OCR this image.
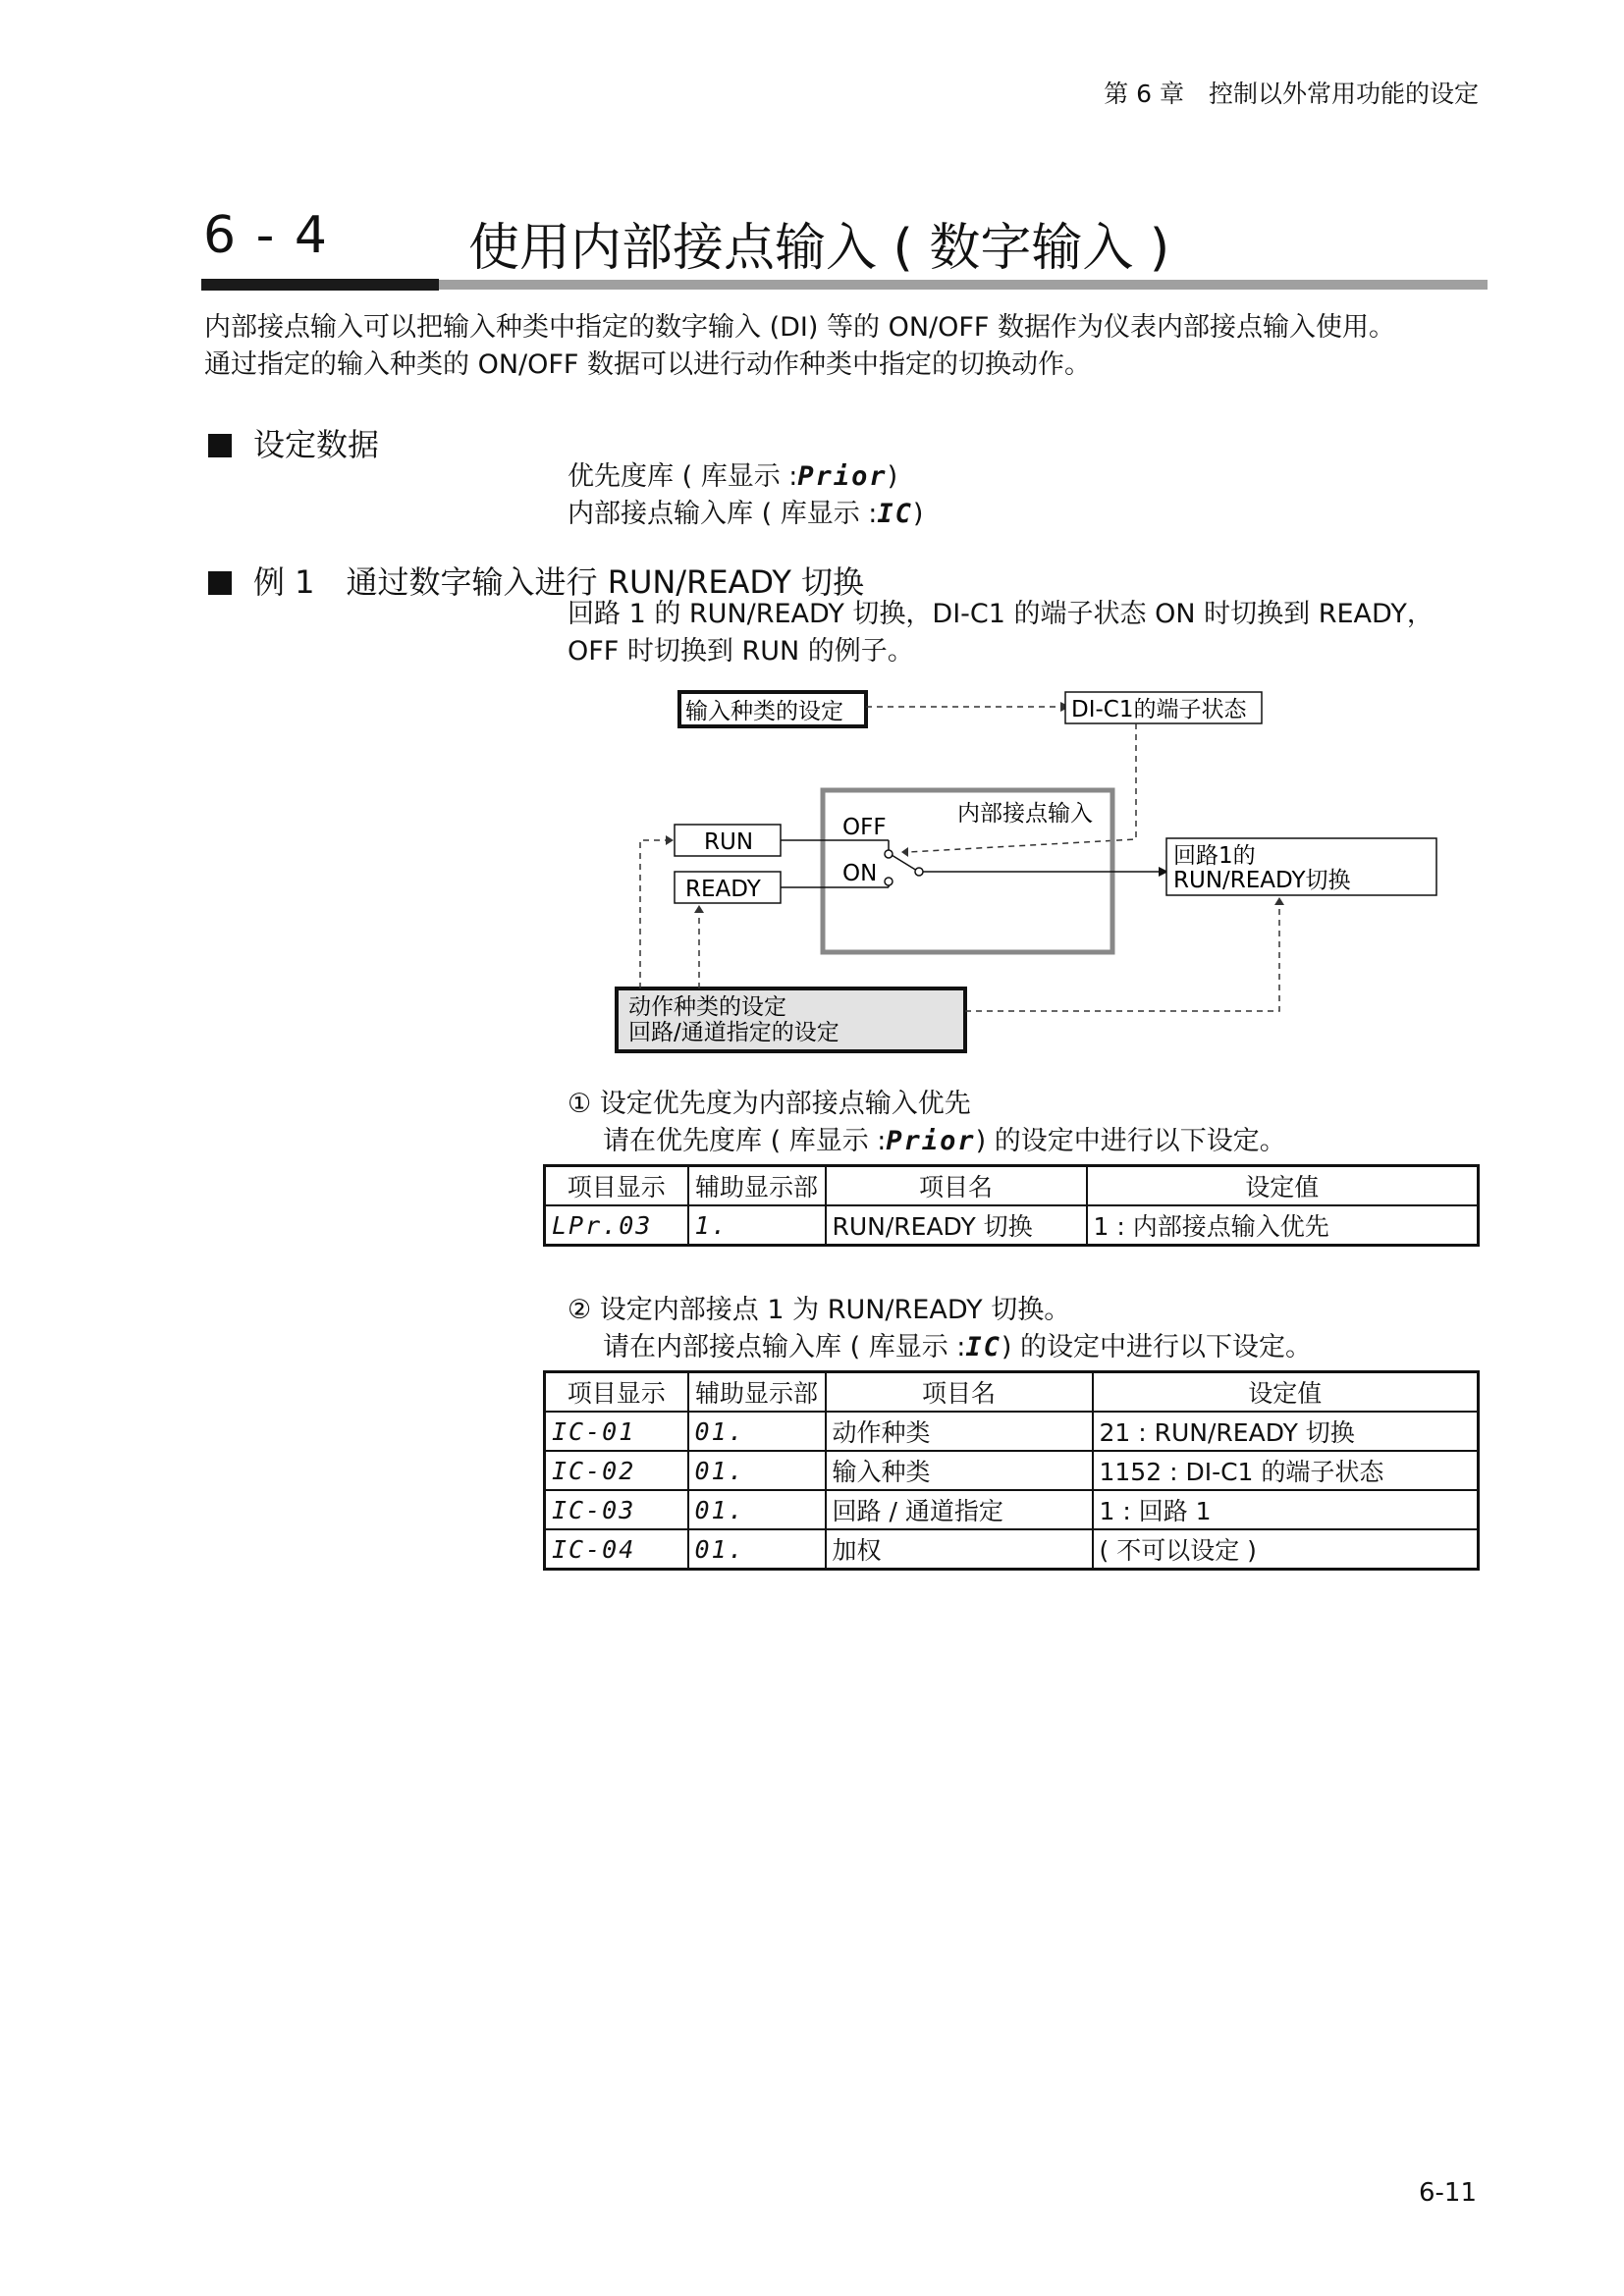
第 6 章　控制以外常用功能的设定
6 - 4	使用内部接点输入 ( 数字输入 )
内部接点输入可以把输入种类中指定的数字输入 (DI) 等的 ON/OFF 数据作为仪表内部接点输入使用。
通过指定的输入种类的 ON/OFF 数据可以进行动作种类中指定的切换动作。
设定数据
优先度库 ( 库显示 :Prior)
内部接点输入库 ( 库显示 :IC)
例 1　通过数字输入进行 RUN/READY 切换
回路 1 的 RUN/READY 切换，DI-C1 的端子状态 ON 时切换到 READY，
OFF 时切换到 RUN 的例子。
输入种类的设定	DI-C1的端子状态
内部接点输入
OFF
ON
RUN
READY
回路1的
RUN/READY切换
动作种类的设定
回路/通道指定的设定
① 设定优先度为内部接点输入优先
请在优先度库 ( 库显示 :Prior) 的设定中进行以下设定。
项目显示	辅助显示部	项目名	设定值
LPr.03	1.	RUN/READY 切换	1 : 内部接点输入优先
② 设定内部接点 1 为 RUN/READY 切换。
请在内部接点输入库 ( 库显示 :IC) 的设定中进行以下设定。
项目显示	辅助显示部	项目名	设定值
IC-01	01.	动作种类	21 : RUN/READY 切换
IC-02	01.	输入种类	1152 : DI-C1 的端子状态
IC-03	01.	回路 / 通道指定	1 : 回路 1
IC-04	01.	加权	( 不可以设定 )
6-11
